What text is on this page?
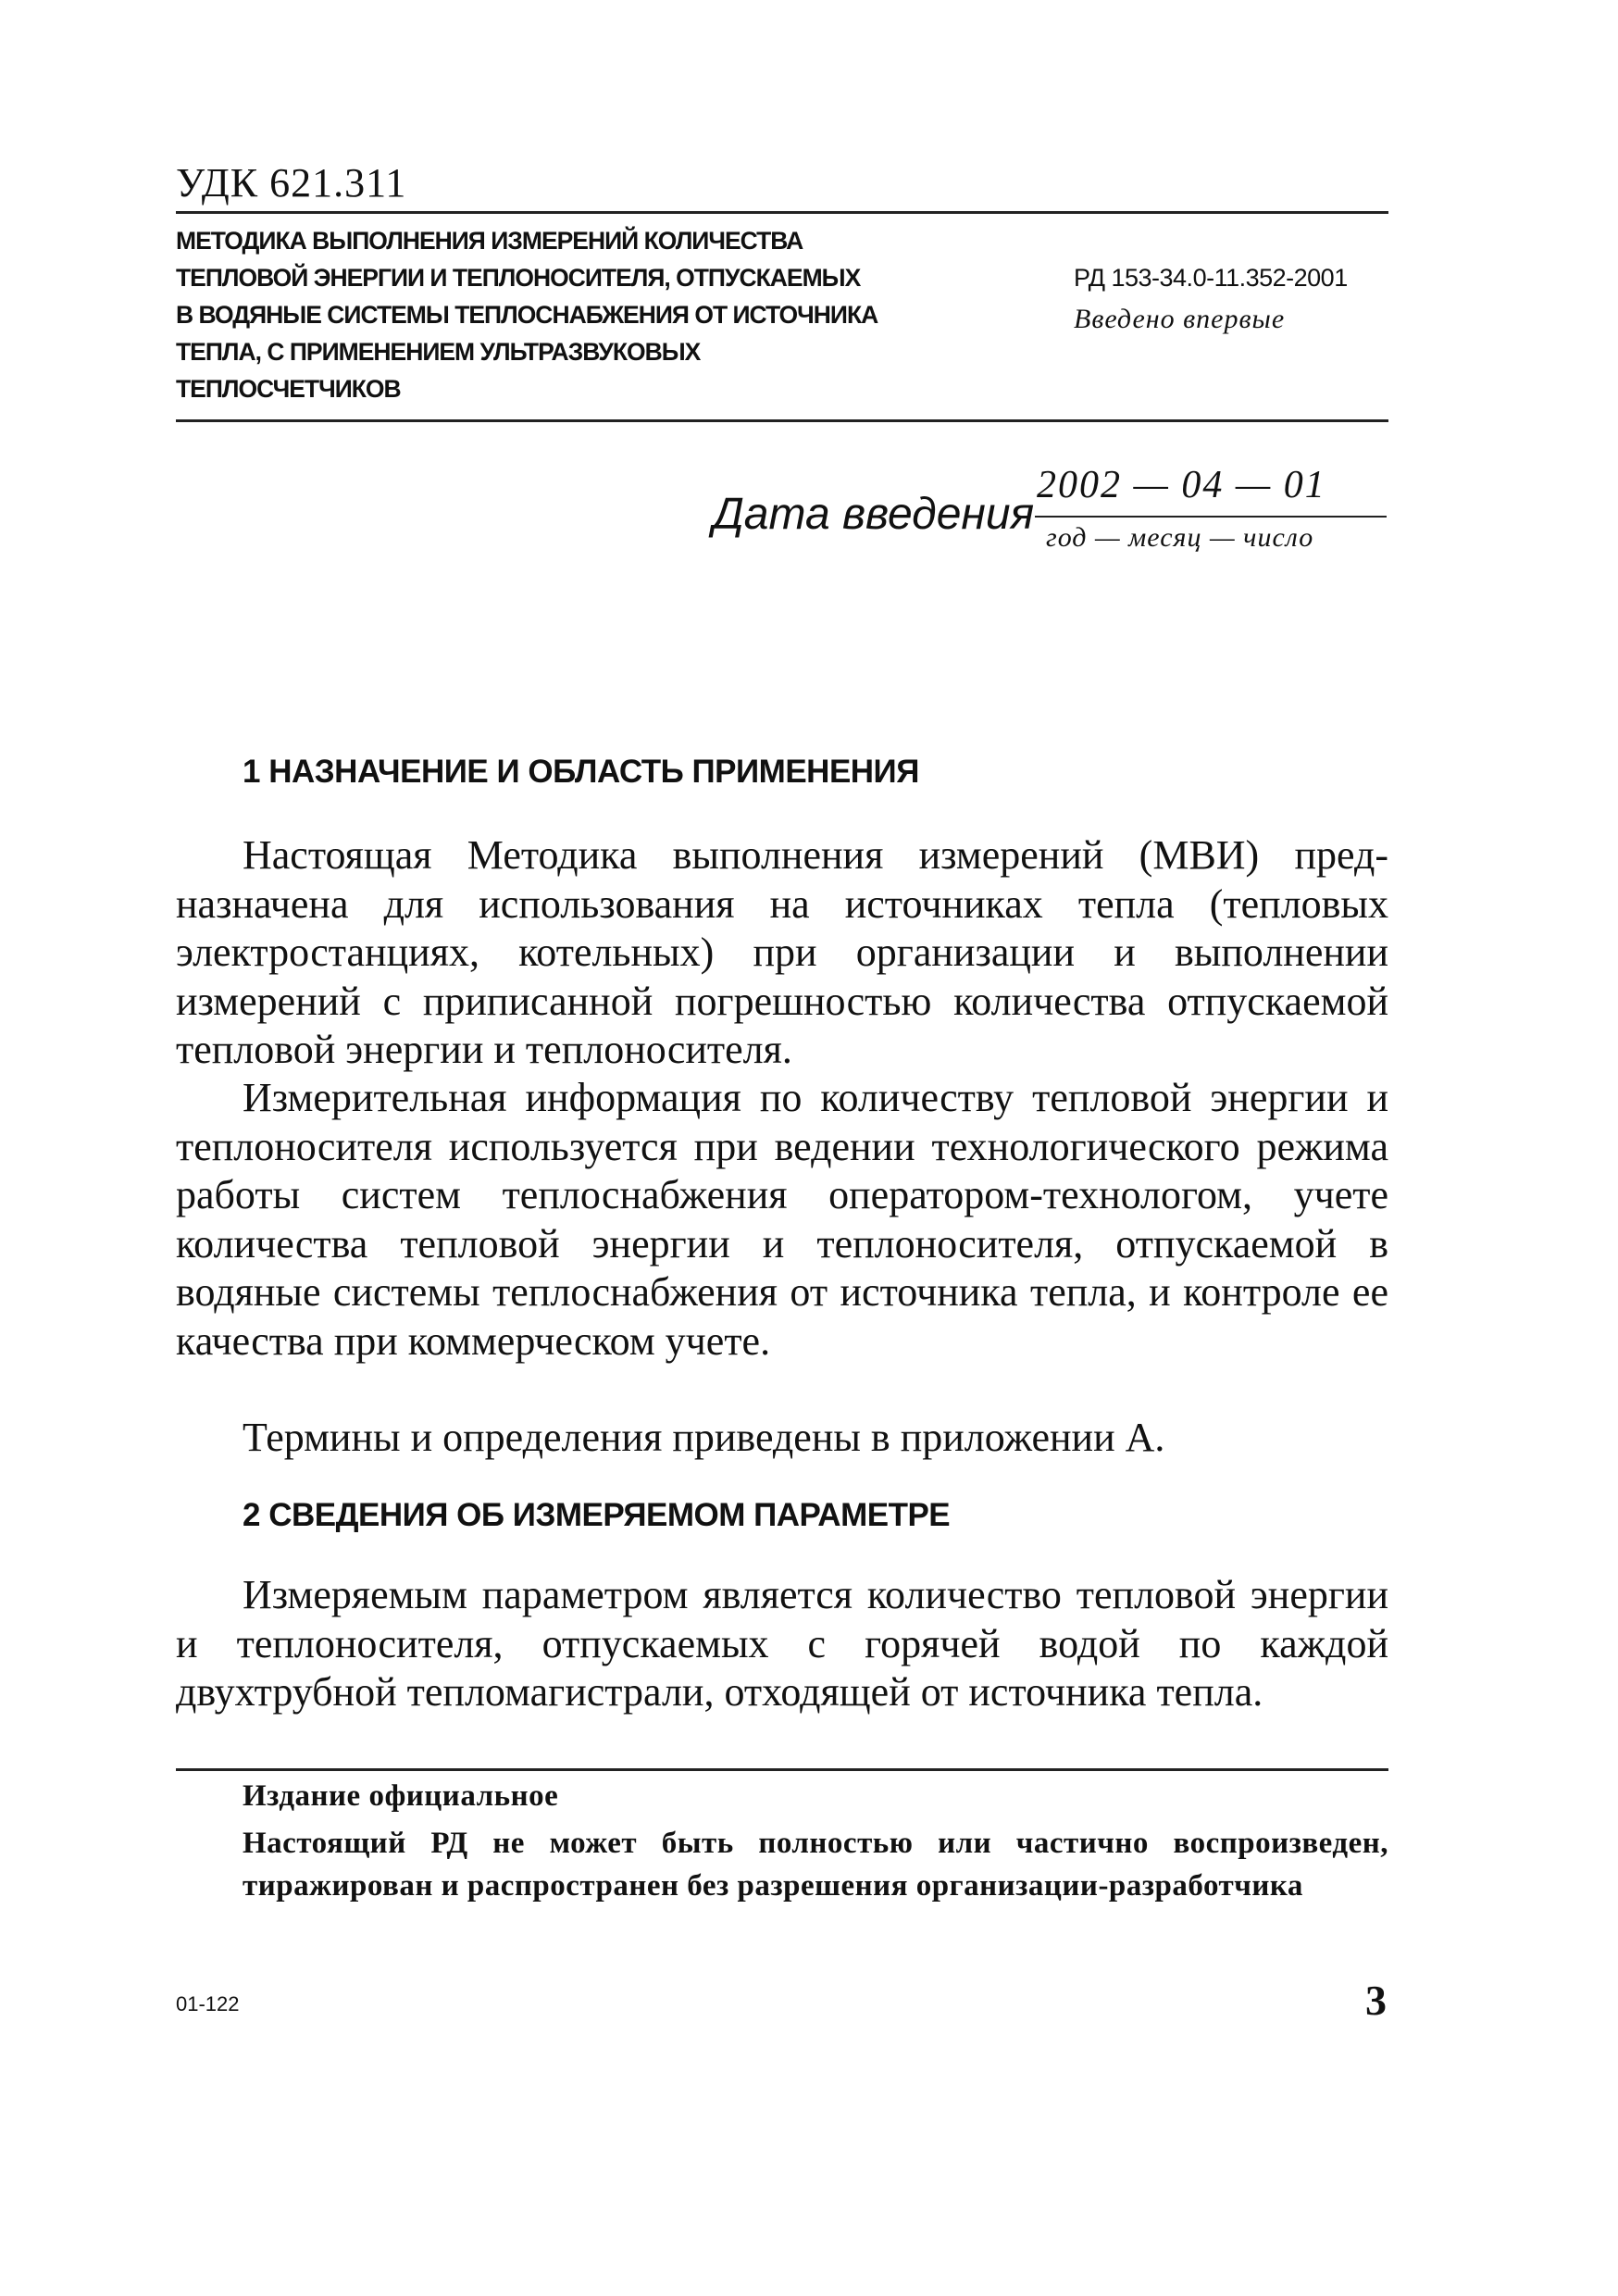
УДК 621.311
МЕТОДИКА ВЫПОЛНЕНИЯ ИЗМЕРЕНИЙ КОЛИЧЕСТВА ТЕПЛОВОЙ ЭНЕРГИИ И ТЕПЛОНОСИТЕЛЯ, ОТПУСКАЕМЫХ В ВОДЯНЫЕ СИСТЕМЫ ТЕПЛОСНАБЖЕНИЯ ОТ ИСТОЧНИКА ТЕПЛА, С ПРИМЕНЕНИЕМ УЛЬТРАЗВУКОВЫХ ТЕПЛОСЧЕТЧИКОВ
РД 153-34.0-11.352-2001
Введено впервые
Дата введения
2002 — 04 — 01
год — месяц — число
1 НАЗНАЧЕНИЕ И ОБЛАСТЬ ПРИМЕНЕНИЯ
Настоящая Методика выполнения измерений (МВИ) предназначена для использования на источниках тепла (тепловых электростанциях, котельных) при организации и выполнении измерений с приписанной погрешностью количества отпускаемой тепловой энергии и теплоносителя.
Измерительная информация по количеству тепловой энергии и теплоносителя используется при ведении технологического режима работы систем теплоснабжения оператором-технологом, учете количества тепловой энергии и теплоносителя, отпускаемой в водяные системы теплоснабжения от источника тепла, и контроле ее качества при коммерческом учете.
Термины и определения приведены в приложении А.
2 СВЕДЕНИЯ ОБ ИЗМЕРЯЕМОМ ПАРАМЕТРЕ
Измеряемым параметром является количество тепловой энергии и теплоносителя, отпускаемых с горячей водой по каждой двухтрубной тепломагистрали, отходящей от источника тепла.
Издание официальное
Настоящий РД не может быть полностью или частично воспроизведен, тиражирован и распространен без разрешения организации-разработчика
01-122	3
